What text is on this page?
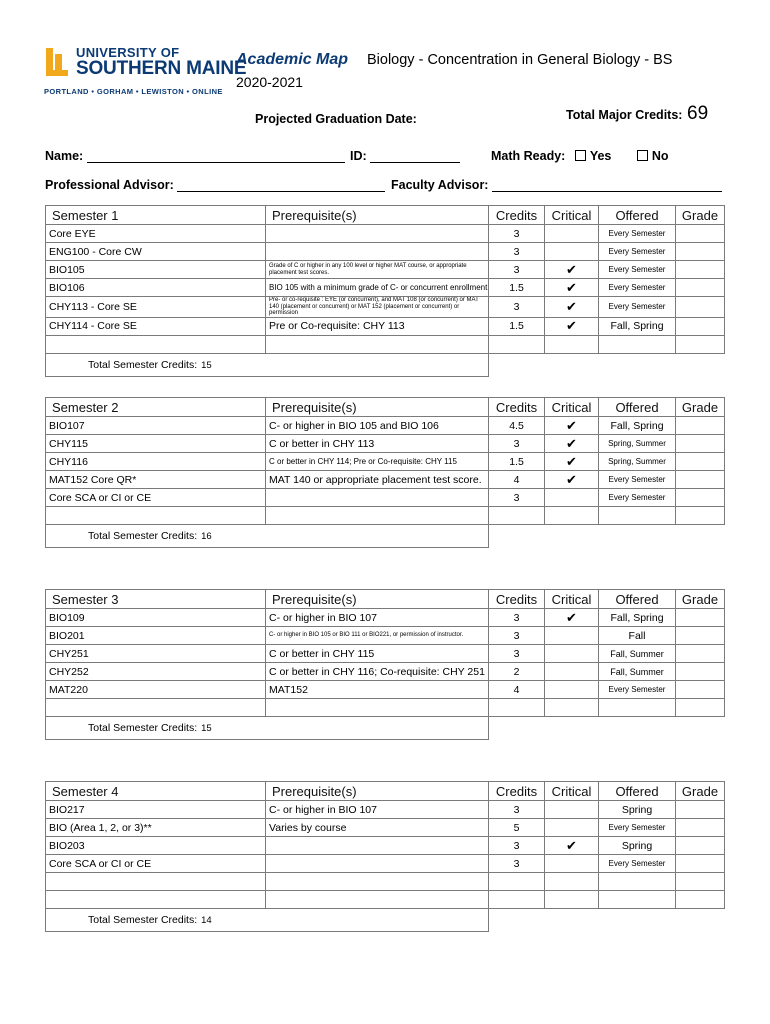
UNIVERSITY OF
SOUTHERN MAINE
PORTLAND • GORHAM • LEWISTON • ONLINE
Academic Map Biology - Concentration in General Biology - BS
2020-2021
Projected Graduation Date:	Total Major Credits: 69
Name:	ID:	Math Ready: Yes	No
Professional Advisor:	Faculty Advisor:
Semester 1	Prerequisite(s)	Credits	Critical	Offered	Grade
Core EYE		3		Every Semester	
ENG100 - Core CW		3		Every Semester	
BIO105	Grade of C or higher in any 100 level or higher MAT course, or appropriate placement test scores.	3	✔	Every Semester	
BIO106	BIO 105 with a minimum grade of C- or concurrent enrollment	1.5	✔	Every Semester	
CHY113 - Core SE	Pre- or co-requisite : EYE (or concurrent), and MAT 108 (or concurrent) or MAT 140 (placement or concurrent) or MAT 152 (placement or concurrent) or permission	3	✔	Every Semester	
CHY114 - Core SE	Pre or Co-requisite: CHY 113	1.5	✔	Fall, Spring	

Total Semester Credits: 15					
Semester 2	Prerequisite(s)	Credits	Critical	Offered	Grade
BIO107	C- or higher in BIO 105 and BIO 106	4.5	✔	Fall, Spring	
CHY115	C or better in CHY 113	3	✔	Spring, Summer	
CHY116	C or better in CHY 114; Pre or Co-requisite: CHY 115	1.5	✔	Spring, Summer	
MAT152 Core QR*	MAT 140 or appropriate placement test score.	4	✔	Every Semester	
Core SCA or CI or CE		3		Every Semester	

Total Semester Credits: 16					
Semester 3	Prerequisite(s)	Credits	Critical	Offered	Grade
BIO109	C- or higher in BIO 107	3	✔	Fall, Spring	
BIO201	C- or higher in BIO 105 or BIO 111 or BIO221, or permission of instructor.	3		Fall	
CHY251	C or better in CHY 115	3		Fall, Summer	
CHY252	C or better in CHY 116; Co-requisite: CHY 251	2		Fall, Summer	
MAT220	MAT152	4		Every Semester	

Total Semester Credits: 15					
Semester 4	Prerequisite(s)	Credits	Critical	Offered	Grade
BIO217	C- or higher in BIO 107	3		Spring	
BIO (Area 1, 2, or 3)**	Varies by course	5		Every Semester	
BIO203		3	✔	Spring	
Core SCA or CI or CE		3		Every Semester	

Total Semester Credits: 14					
